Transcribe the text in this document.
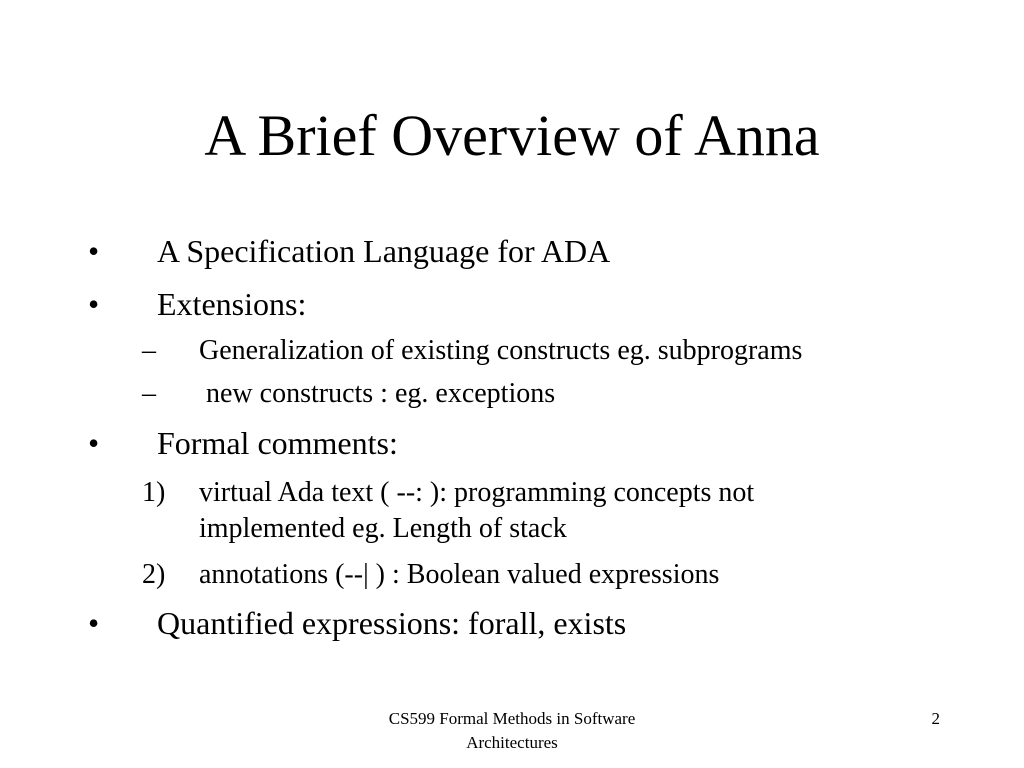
A Brief Overview of Anna
• A Specification Language for ADA
• Extensions:
– Generalization of existing constructs eg. subprograms
– new constructs : eg. exceptions
• Formal comments:
1) virtual Ada text ( --: ): programming concepts not
implemented eg. Length of stack
2) annotations (--| ) : Boolean valued expressions
• Quantified expressions: forall, exists
CS599 Formal Methods in Software Architectures
2
